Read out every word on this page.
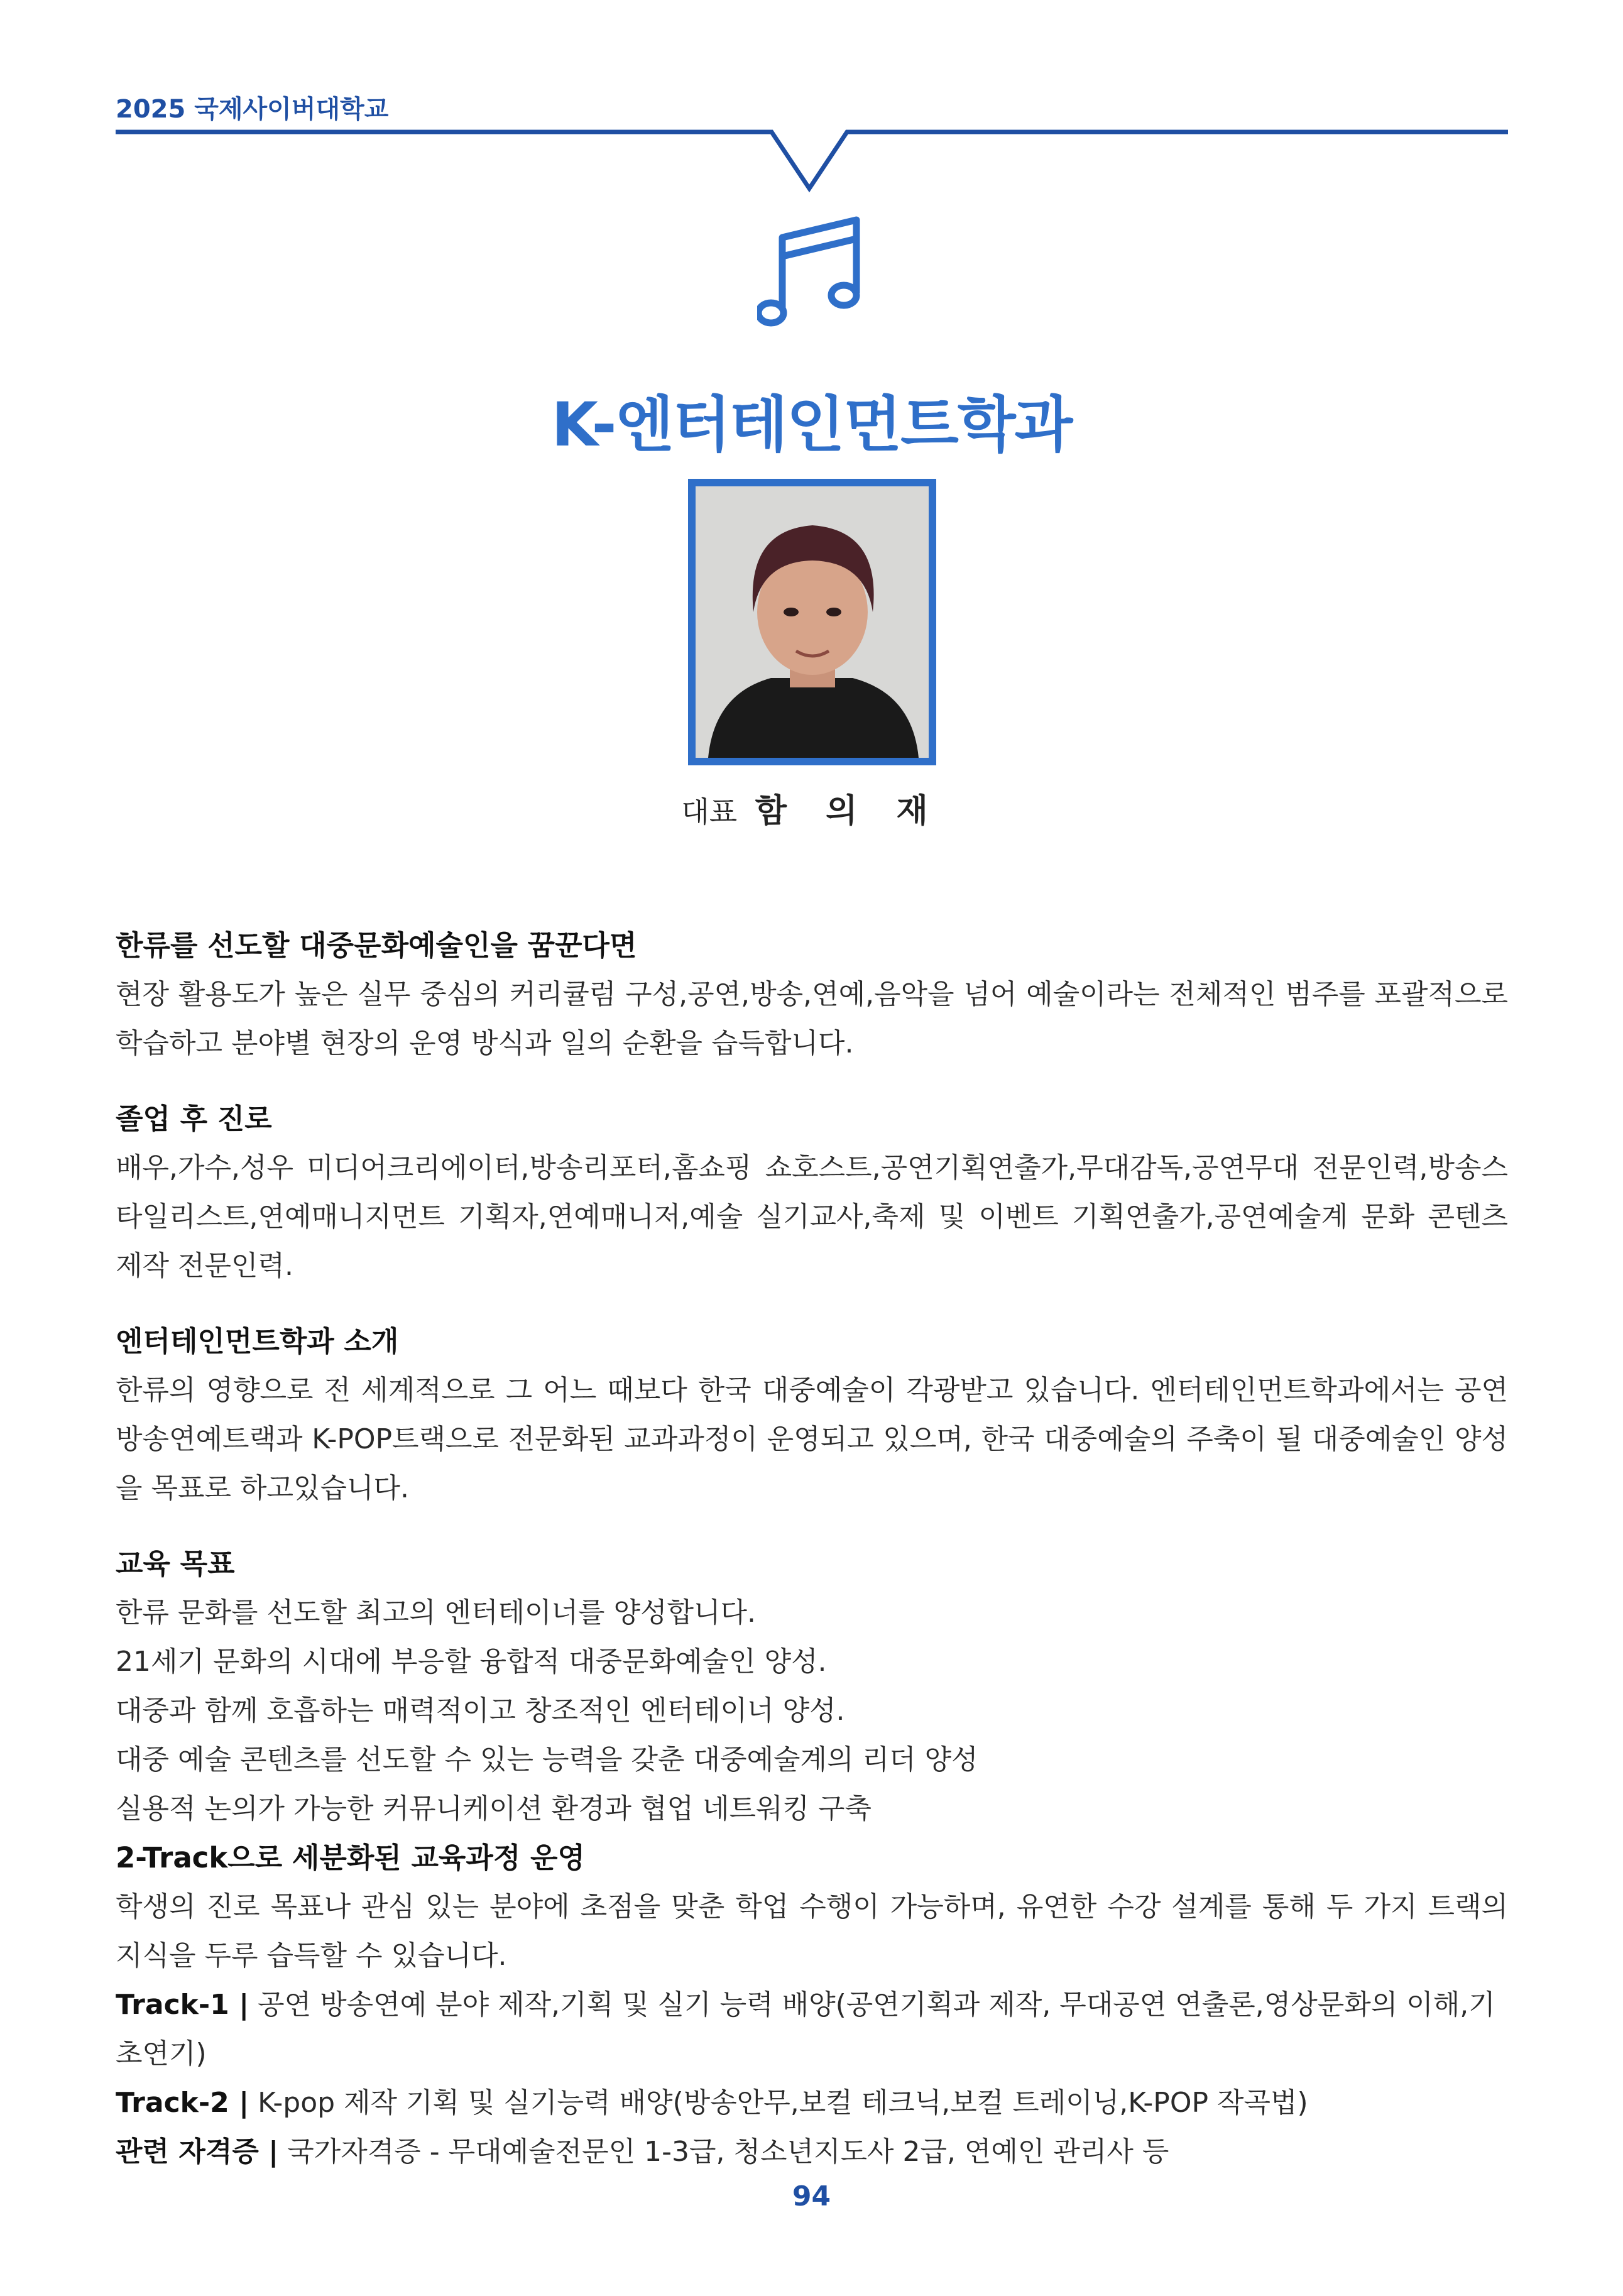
2025 국제사이버대학교
K-엔터테인먼트학과
대표 함 의 재
한류를 선도할 대중문화예술인을 꿈꾼다면
현장 활용도가 높은 실무 중심의 커리큘럼 구성,공연,방송,연예,음악을 넘어 예술이라는 전체적인 범주를 포괄적으로 학습하고 분야별 현장의 운영 방식과 일의 순환을 습득합니다.
졸업 후 진로
배우,가수,성우 미디어크리에이터,방송리포터,홈쇼핑 쇼호스트,공연기획연출가,무대감독,공연무대 전문인력,방송스타일리스트,연예매니지먼트 기획자,연예매니저,예술 실기교사,축제 및 이벤트 기획연출가,공연예술계 문화 콘텐츠 제작 전문인력.
엔터테인먼트학과 소개
한류의 영향으로 전 세계적으로 그 어느 때보다 한국 대중예술이 각광받고 있습니다. 엔터테인먼트학과에서는 공연 방송연예트랙과 K-POP트랙으로 전문화된 교과과정이 운영되고 있으며, 한국 대중예술의 주축이 될 대중예술인 양성을 목표로 하고있습니다.
교육 목표
한류 문화를 선도할 최고의 엔터테이너를 양성합니다.
21세기 문화의 시대에 부응할 융합적 대중문화예술인 양성.
대중과 함께 호흡하는 매력적이고 창조적인 엔터테이너 양성.
대중 예술 콘텐츠를 선도할 수 있는 능력을 갖춘 대중예술계의 리더 양성
실용적 논의가 가능한 커뮤니케이션 환경과 협업 네트워킹 구축
2-Track으로 세분화된 교육과정 운영
학생의 진로 목표나 관심 있는 분야에 초점을 맞춘 학업 수행이 가능하며, 유연한 수강 설계를 통해 두 가지 트랙의 지식을 두루 습득할 수 있습니다.
Track-1 | 공연 방송연예 분야 제작,기획 및 실기 능력 배양(공연기획과 제작, 무대공연 연출론,영상문화의 이해,기초연기)
Track-2 | K-pop 제작 기획 및 실기능력 배양(방송안무,보컬 테크닉,보컬 트레이닝,K-POP 작곡법)
관련 자격증 | 국가자격증 - 무대예술전문인 1-3급, 청소년지도사 2급, 연예인 관리사 등
94
